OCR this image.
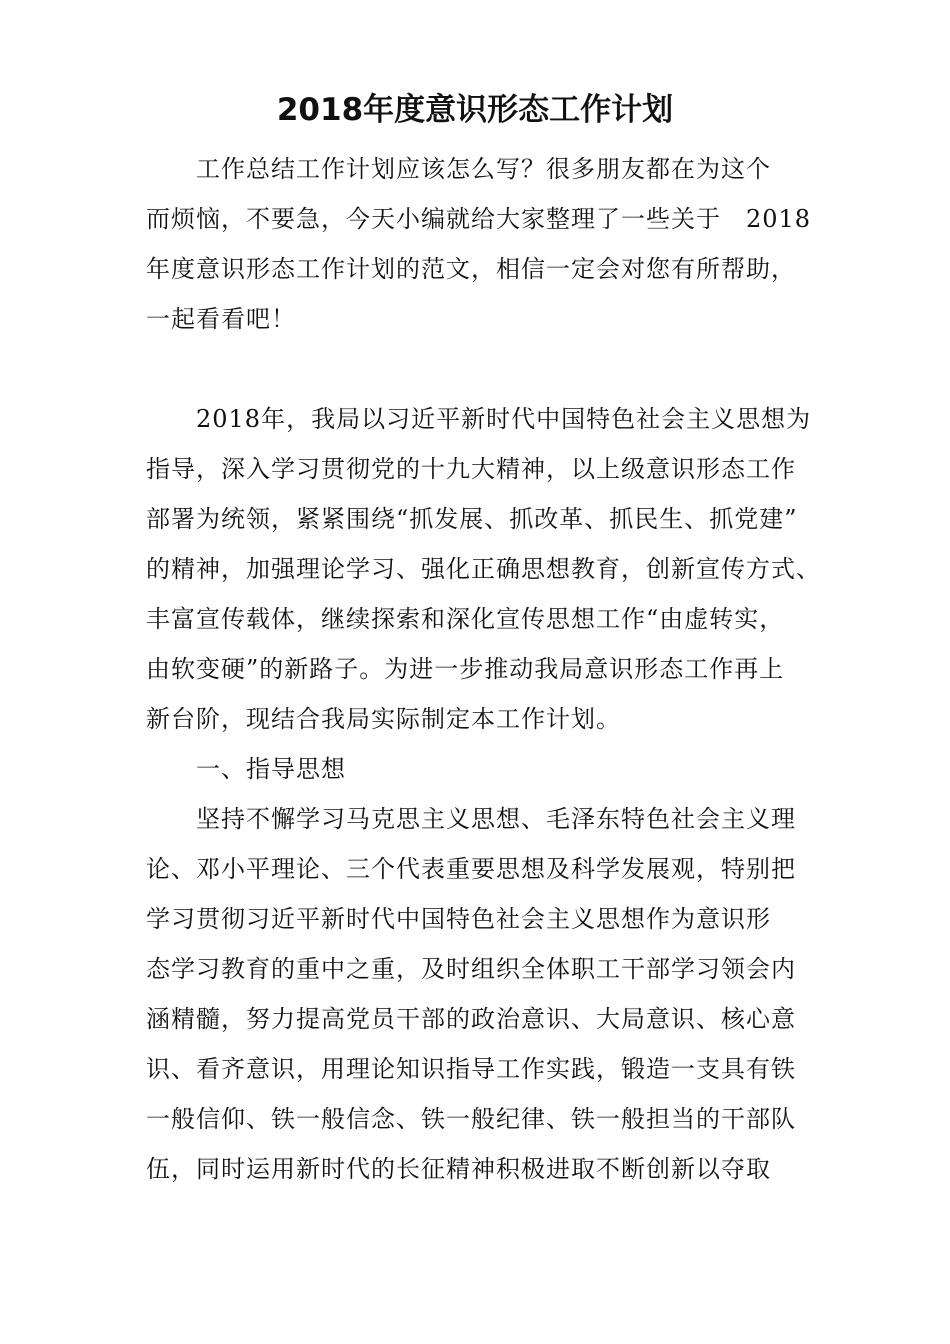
2018年度意识形态工作计划
工作总结工作计划应该怎么写？很多朋友都在为这个
而烦恼，不要急，今天小编就给大家整理了一些关于　2018
年度意识形态工作计划的范文，相信一定会对您有所帮助，
一起看看吧！
2018年，我局以习近平新时代中国特色社会主义思想为
指导，深入学习贯彻党的十九大精神，以上级意识形态工作
部署为统领，紧紧围绕“抓发展、抓改革、抓民生、抓党建”
的精神，加强理论学习、强化正确思想教育，创新宣传方式、
丰富宣传载体，继续探索和深化宣传思想工作“由虚转实，
由软变硬”的新路子。为进一步推动我局意识形态工作再上
新台阶，现结合我局实际制定本工作计划。
一、指导思想
坚持不懈学习马克思主义思想、毛泽东特色社会主义理
论、邓小平理论、三个代表重要思想及科学发展观，特别把
学习贯彻习近平新时代中国特色社会主义思想作为意识形
态学习教育的重中之重，及时组织全体职工干部学习领会内
涵精髓，努力提高党员干部的政治意识、大局意识、核心意
识、看齐意识，用理论知识指导工作实践，锻造一支具有铁
一般信仰、铁一般信念、铁一般纪律、铁一般担当的干部队
伍，同时运用新时代的长征精神积极进取不断创新以夺取
